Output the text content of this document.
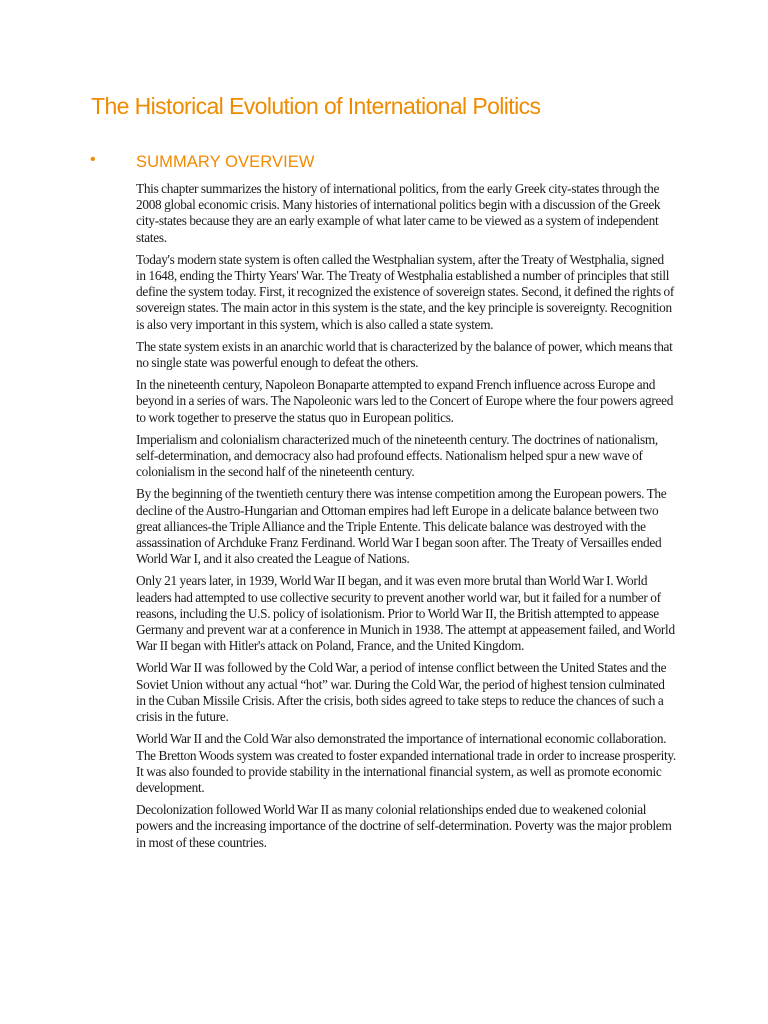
The Historical Evolution of International Politics
• SUMMARY OVERVIEW

This chapter summarizes the history of international politics, from the early Greek city-states through the 2008 global economic crisis. Many histories of international politics begin with a discussion of the Greek city-states because they are an early example of what later came to be viewed as a system of independent states.

Today's modern state system is often called the Westphalian system, after the Treaty of Westphalia, signed in 1648, ending the Thirty Years' War. The Treaty of Westphalia established a number of principles that still define the system today. First, it recognized the existence of sovereign states. Second, it defined the rights of sovereign states. The main actor in this system is the state, and the key principle is sovereignty. Recognition is also very important in this system, which is also called a state system.

The state system exists in an anarchic world that is characterized by the balance of power, which means that no single state was powerful enough to defeat the others.

In the nineteenth century, Napoleon Bonaparte attempted to expand French influence across Europe and beyond in a series of wars. The Napoleonic wars led to the Concert of Europe where the four powers agreed to work together to preserve the status quo in European politics.

Imperialism and colonialism characterized much of the nineteenth century. The doctrines of nationalism, self-determination, and democracy also had profound effects. Nationalism helped spur a new wave of colonialism in the second half of the nineteenth century.

By the beginning of the twentieth century there was intense competition among the European powers. The decline of the Austro-Hungarian and Ottoman empires had left Europe in a delicate balance between two great alliances-the Triple Alliance and the Triple Entente. This delicate balance was destroyed with the assassination of Archduke Franz Ferdinand. World War I began soon after. The Treaty of Versailles ended World War I, and it also created the League of Nations.

Only 21 years later, in 1939, World War II began, and it was even more brutal than World War I. World leaders had attempted to use collective security to prevent another world war, but it failed for a number of reasons, including the U.S. policy of isolationism. Prior to World War II, the British attempted to appease Germany and prevent war at a conference in Munich in 1938. The attempt at appeasement failed, and World War II began with Hitler's attack on Poland, France, and the United Kingdom.

World War II was followed by the Cold War, a period of intense conflict between the United States and the Soviet Union without any actual “hot” war. During the Cold War, the period of highest tension culminated in the Cuban Missile Crisis. After the crisis, both sides agreed to take steps to reduce the chances of such a crisis in the future.

World War II and the Cold War also demonstrated the importance of international economic collaboration. The Bretton Woods system was created to foster expanded international trade in order to increase prosperity. It was also founded to provide stability in the international financial system, as well as promote economic development.

Decolonization followed World War II as many colonial relationships ended due to weakened colonial powers and the increasing importance of the doctrine of self-determination. Poverty was the major problem in most of these countries.
